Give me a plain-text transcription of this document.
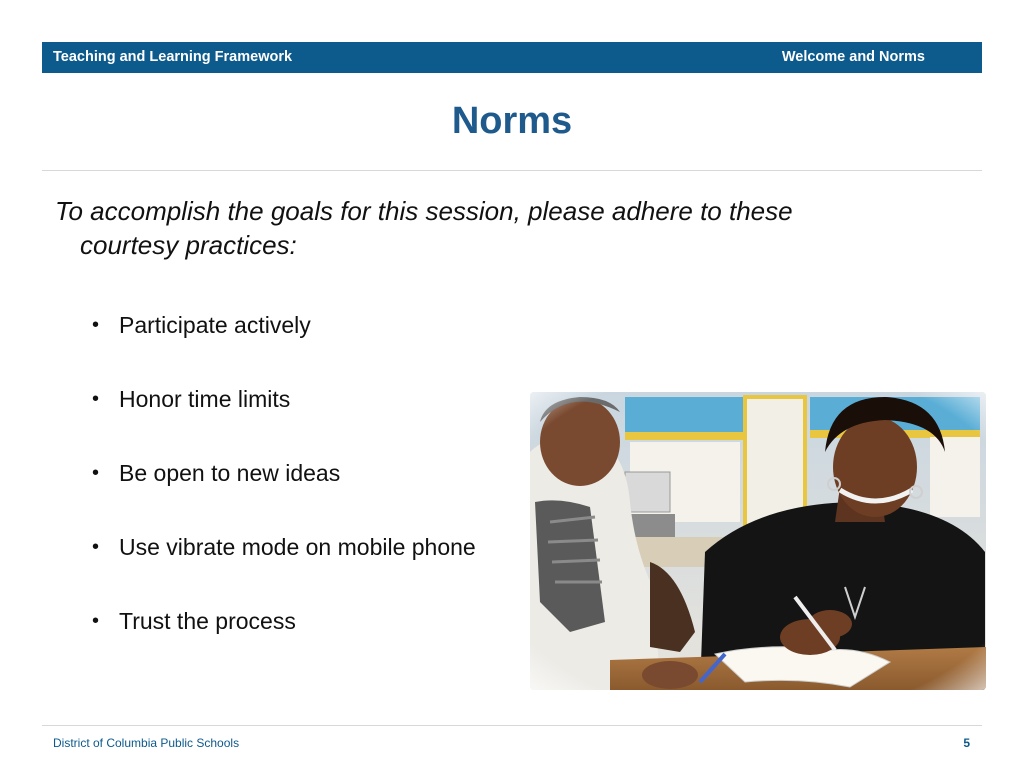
Teaching and Learning Framework	Welcome and Norms
Norms
To accomplish the goals for this session, please adhere to these
courtesy practices:
• Participate actively
• Honor time limits
• Be open to new ideas
• Use vibrate mode on mobile phone
• Trust the process
District of Columbia Public Schools	5
